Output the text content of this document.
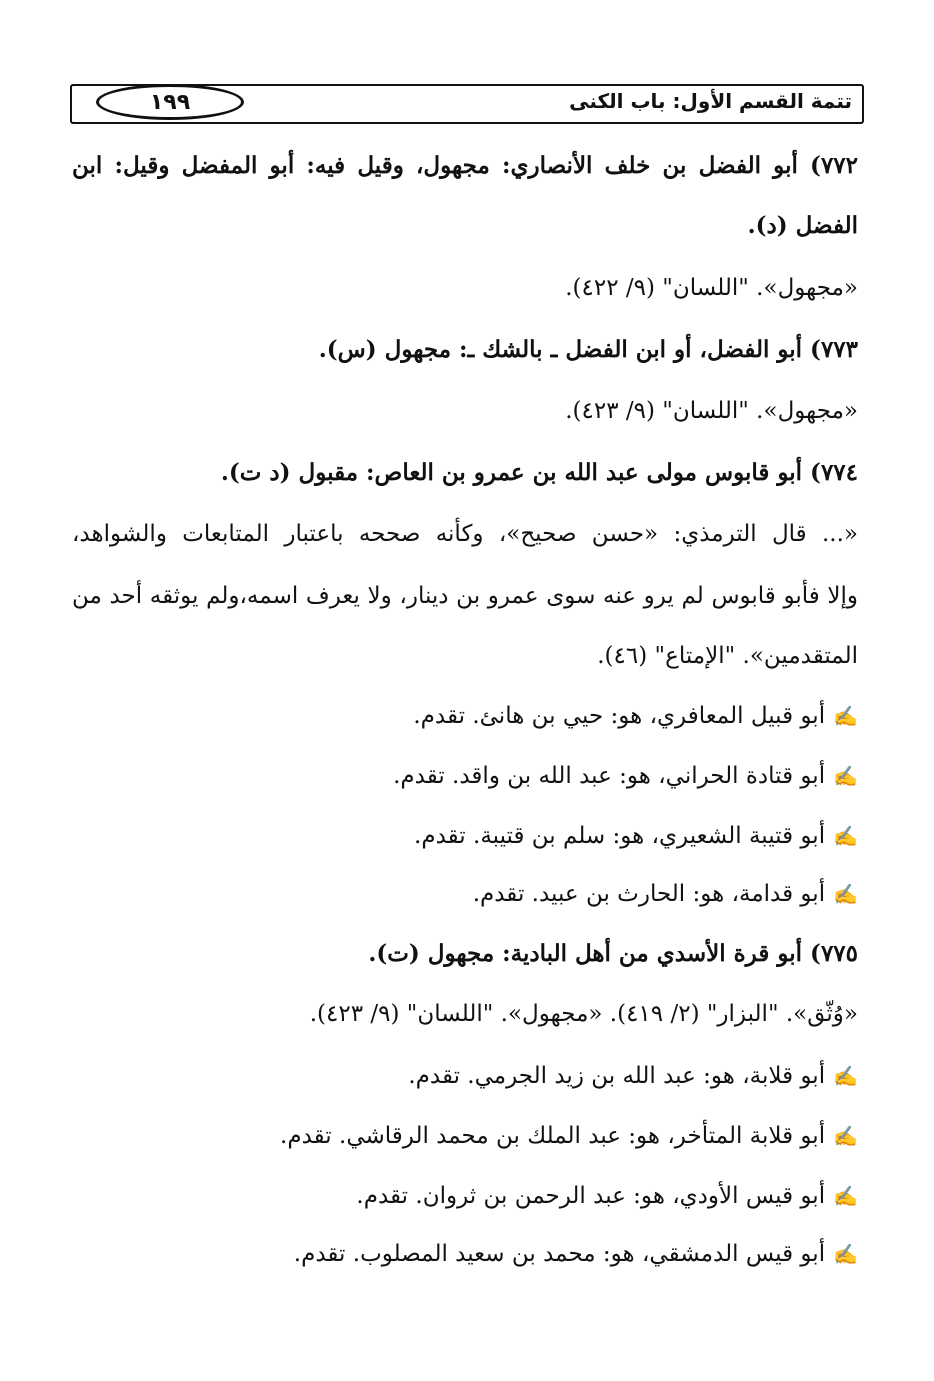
تتمة القسم الأول: باب الكنى
١٩٩
٧٧٢) أبو الفضل بن خلف الأنصاري: مجهول، وقيل فيه: أبو المفضل وقيل: ابن
الفضل (د).
«مجهول». "اللسان" (٩/ ٤٢٢).
٧٧٣) أبو الفضل، أو ابن الفضل ـ بالشك ـ: مجهول (س).
«مجهول». "اللسان" (٩/ ٤٢٣).
٧٧٤) أبو قابوس مولى عبد الله بن عمرو بن العاص: مقبول (د ت).
«... قال الترمذي: «حسن صحيح»، وكأنه صححه باعتبار المتابعات والشواهد،
وإلا فأبو قابوس لم يرو عنه سوى عمرو بن دينار، ولا يعرف اسمه،ولم يوثقه أحد من
المتقدمين». "الإمتاع" (٤٦).
✍أبو قبيل المعافري، هو: حيي بن هانئ. تقدم.
✍أبو قتادة الحراني، هو: عبد الله بن واقد. تقدم.
✍أبو قتيبة الشعيري، هو: سلم بن قتيبة. تقدم.
✍أبو قدامة، هو: الحارث بن عبيد. تقدم.
٧٧٥) أبو قرة الأسدي من أهل البادية: مجهول (ت).
«وُثّق». "البزار" (٢/ ٤١٩). «مجهول». "اللسان" (٩/ ٤٢٣).
✍أبو قلابة، هو: عبد الله بن زيد الجرمي. تقدم.
✍أبو قلابة المتأخر، هو: عبد الملك بن محمد الرقاشي. تقدم.
✍أبو قيس الأودي، هو: عبد الرحمن بن ثروان. تقدم.
✍أبو قيس الدمشقي، هو: محمد بن سعيد المصلوب. تقدم.
